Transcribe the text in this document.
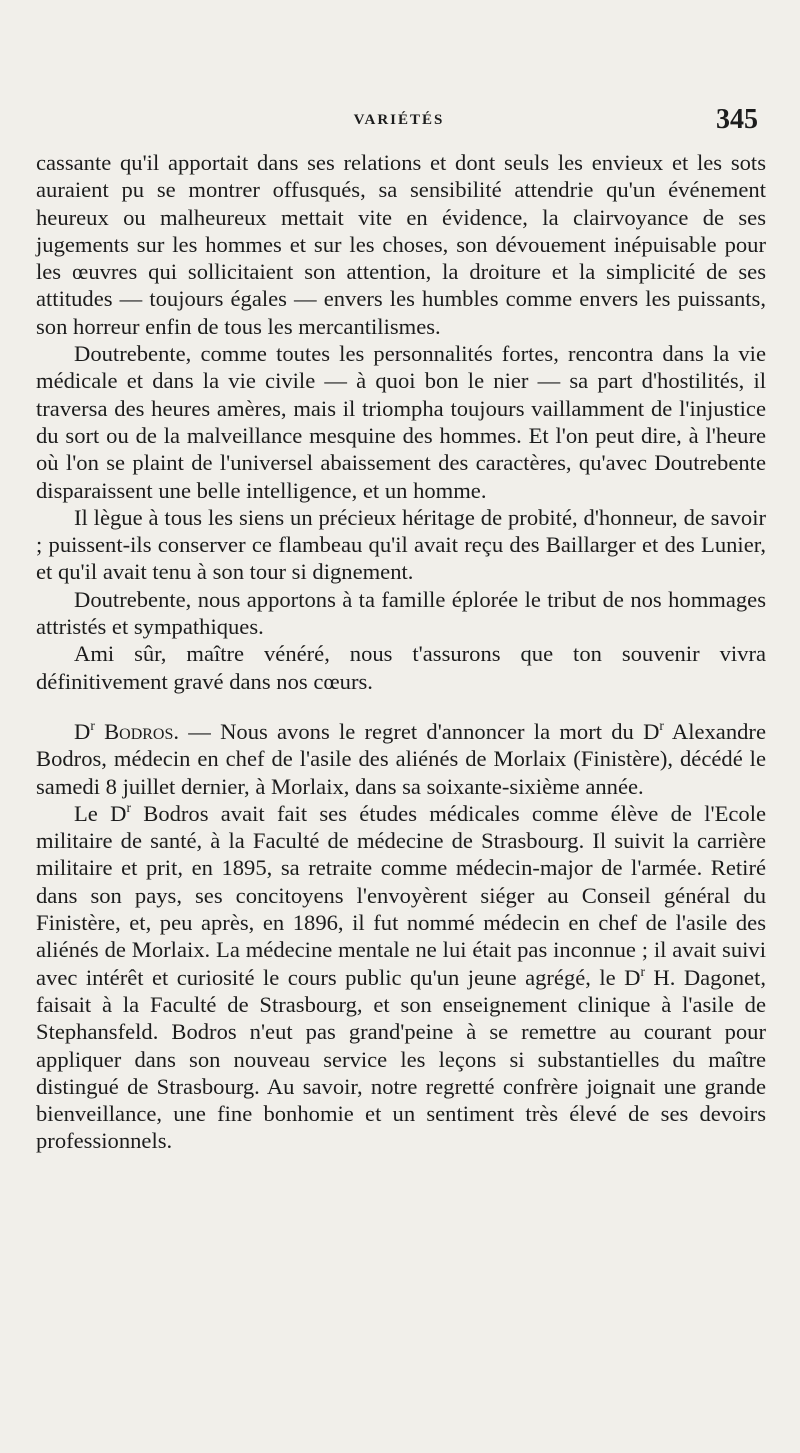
VARIÉTÉS	345

cassante qu'il apportait dans ses relations et dont seuls les envieux et les sots auraient pu se montrer offusqués, sa sensibilité attendrie qu'un événement heureux ou malheureux mettait vite en évidence, la clairvoyance de ses jugements sur les hommes et sur les choses, son dévouement inépuisable pour les œuvres qui sollicitaient son attention, la droiture et la simplicité de ses attitudes — toujours égales — envers les humbles comme envers les puissants, son horreur enfin de tous les mercantilismes.

Doutrebente, comme toutes les personnalités fortes, rencontra dans la vie médicale et dans la vie civile — à quoi bon le nier — sa part d'hostilités, il traversa des heures amères, mais il triompha toujours vaillamment de l'injustice du sort ou de la malveillance mesquine des hommes. Et l'on peut dire, à l'heure où l'on se plaint de l'universel abaissement des caractères, qu'avec Doutrebente disparaissent une belle intelligence, et un homme.

Il lègue à tous les siens un précieux héritage de probité, d'honneur, de savoir ; puissent-ils conserver ce flambeau qu'il avait reçu des Baillarger et des Lunier, et qu'il avait tenu à son tour si dignement.

Doutrebente, nous apportons à ta famille éplorée le tribut de nos hommages attristés et sympathiques.

Ami sûr, maître vénéré, nous t'assurons que ton souvenir vivra définitivement gravé dans nos cœurs.

$D^r$ Bodros. — Nous avons le regret d'annoncer la mort du $D^r$ Alexandre Bodros, médecin en chef de l'asile des aliénés de Morlaix (Finistère), décédé le samedi 8 juillet dernier, à Morlaix, dans sa soixante-sixième année.

Le $D^r$ Bodros avait fait ses études médicales comme élève de l'Ecole militaire de santé, à la Faculté de médecine de Strasbourg. Il suivit la carrière militaire et prit, en 1895, sa retraite comme médecin-major de l'armée. Retiré dans son pays, ses concitoyens l'envoyèrent siéger au Conseil général du Finistère, et, peu après, en 1896, il fut nommé médecin en chef de l'asile des aliénés de Morlaix. La médecine mentale ne lui était pas inconnue ; il avait suivi avec intérêt et curiosité le cours public qu'un jeune agrégé, le $D^r$ H. Dagonet, faisait à la Faculté de Strasbourg, et son enseignement clinique à l'asile de Stephansfeld. Bodros n'eut pas grand'peine à se remettre au courant pour appliquer dans son nouveau service les leçons si substantielles du maître distingué de Strasbourg. Au savoir, notre regretté confrère joignait une grande bienveillance, une fine bonhomie et un sentiment très élevé de ses devoirs professionnels.
